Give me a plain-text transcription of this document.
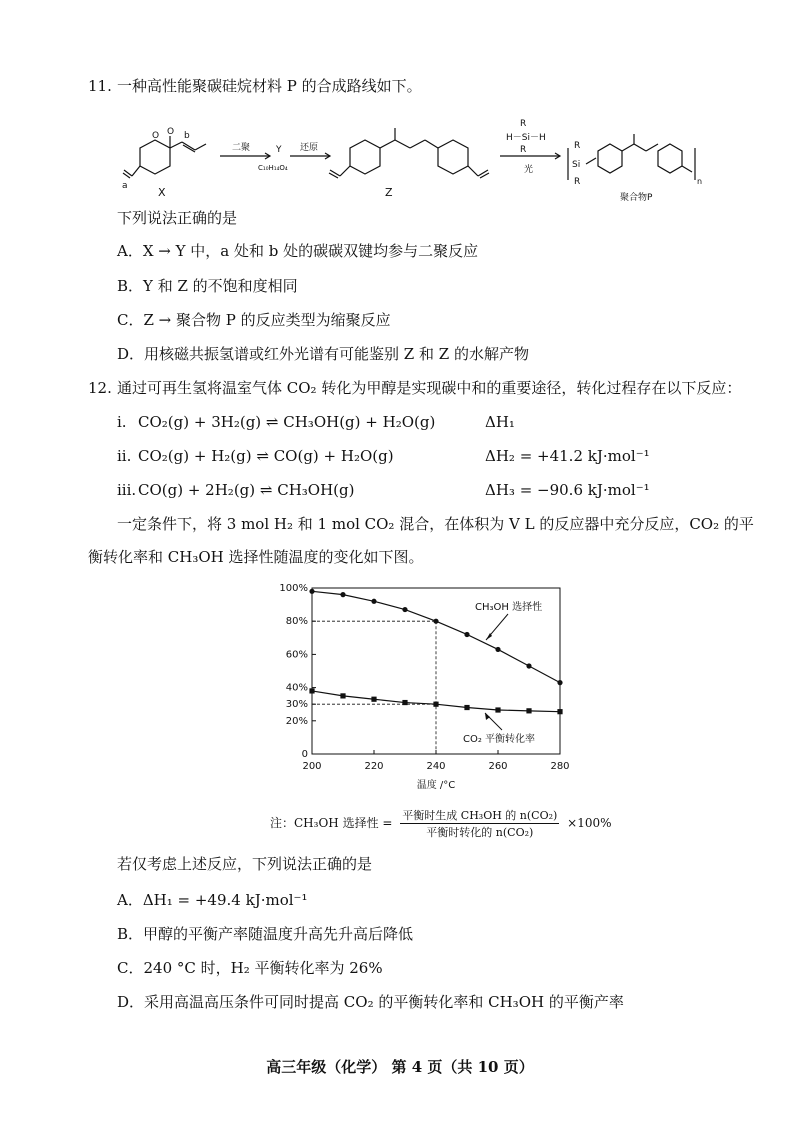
11. 一种高性能聚碳硅烷材料 P 的合成路线如下。
O
O	b
a	X
二聚	Y
C₁₀H₁₄O₄
还原
Z
R
H－Si－H
R
光
R
Si
R	n
聚合物P
下列说法正确的是
A．X → Y 中，a 处和 b 处的碳碳双键均参与二聚反应
B．Y 和 Z 的不饱和度相同
C．Z → 聚合物 P 的反应类型为缩聚反应
D．用核磁共振氢谱或红外光谱有可能鉴别 Z 和 Z 的水解产物
12. 通过可再生氢将温室气体 CO₂ 转化为甲醇是实现碳中和的重要途径，转化过程存在以下反应：
i. CO₂(g) + 3H₂(g) ⇌ CH₃OH(g) + H₂O(g)	ΔH₁
ii. CO₂(g) + H₂(g) ⇌ CO(g) + H₂O(g)	ΔH₂ = +41.2 kJ·mol⁻¹
iii. CO(g) + 2H₂(g) ⇌ CH₃OH(g)	ΔH₃ = −90.6 kJ·mol⁻¹
一定条件下，将 3 mol H₂ 和 1 mol CO₂ 混合，在体积为 V L 的反应器中充分反应，CO₂ 的平
衡转化率和 CH₃OH 选择性随温度的变化如下图。
200	220	240	260	280
0
20%
30%
40%
60%
80%
100%
温度 /°C
CH₃OH 选择性
CO₂ 平衡转化率
注：CH₃OH 选择性 = $\frac{\text{平衡时生成 CH₃OH 的 n(CO₂)}}{\text{平衡时转化的 n(CO₂)}} \times 100\%$
若仅考虑上述反应，下列说法正确的是
A．ΔH₁ = +49.4 kJ·mol⁻¹
B．甲醇的平衡产率随温度升高先升高后降低
C．240 °C 时，H₂ 平衡转化率为 26%
D．采用高温高压条件可同时提高 CO₂ 的平衡转化率和 CH₃OH 的平衡产率
高三年级（化学） 第 4 页（共 10 页）
